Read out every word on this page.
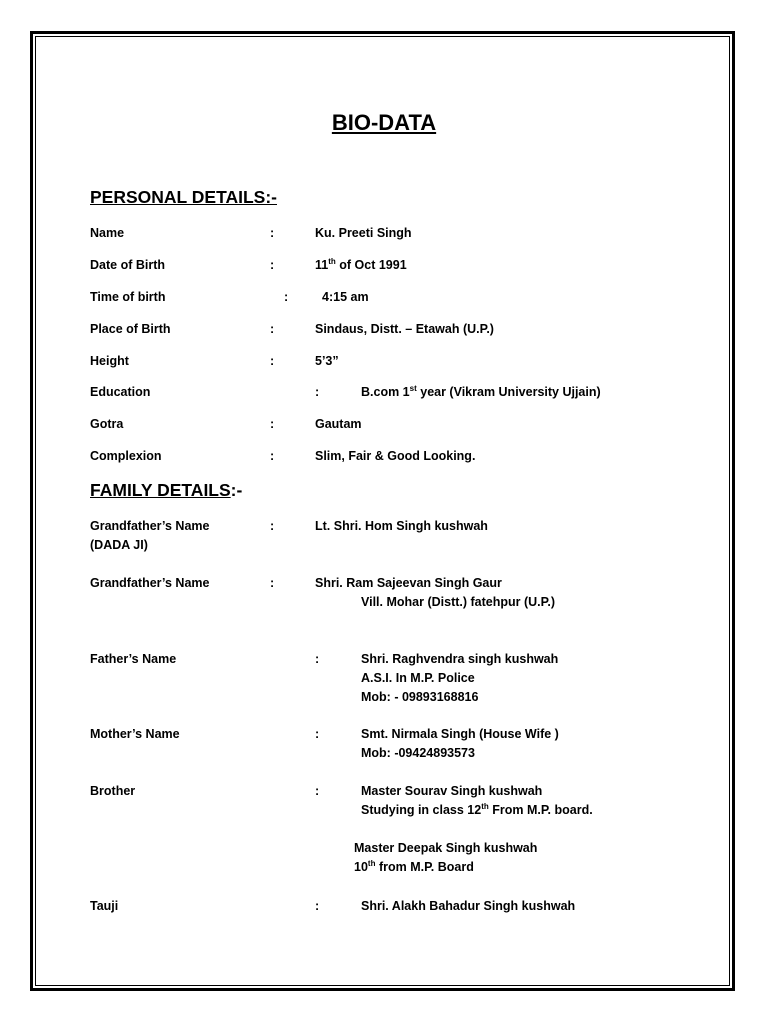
BIO-DATA
PERSONAL DETAILS:-
Name	:	Ku. Preeti Singh
Date of Birth	:	11th of Oct 1991
Time of birth	:	4:15 am
Place of Birth	:	Sindaus, Distt. – Etawah (U.P.)
Height	:	5’3”
Education	:	B.com 1st year (Vikram University Ujjain)
Gotra	:	Gautam
Complexion	:	Slim, Fair & Good Looking.
FAMILY DETAILS:-
Grandfather’s Name	:	Lt. Shri. Hom Singh kushwah
(DADA JI)
Grandfather’s Name	:	Shri. Ram Sajeevan Singh Gaur
Vill. Mohar (Distt.) fatehpur (U.P.)
Father’s Name	:	Shri. Raghvendra singh kushwah
A.S.I. In M.P. Police
Mob: - 09893168816
Mother’s Name	:	Smt. Nirmala Singh (House Wife )
Mob: -09424893573
Brother	:	Master Sourav Singh kushwah
Studying in class 12th From M.P. board.
Master Deepak Singh kushwah
10th from M.P. Board
Tauji	:	Shri. Alakh Bahadur Singh kushwah
